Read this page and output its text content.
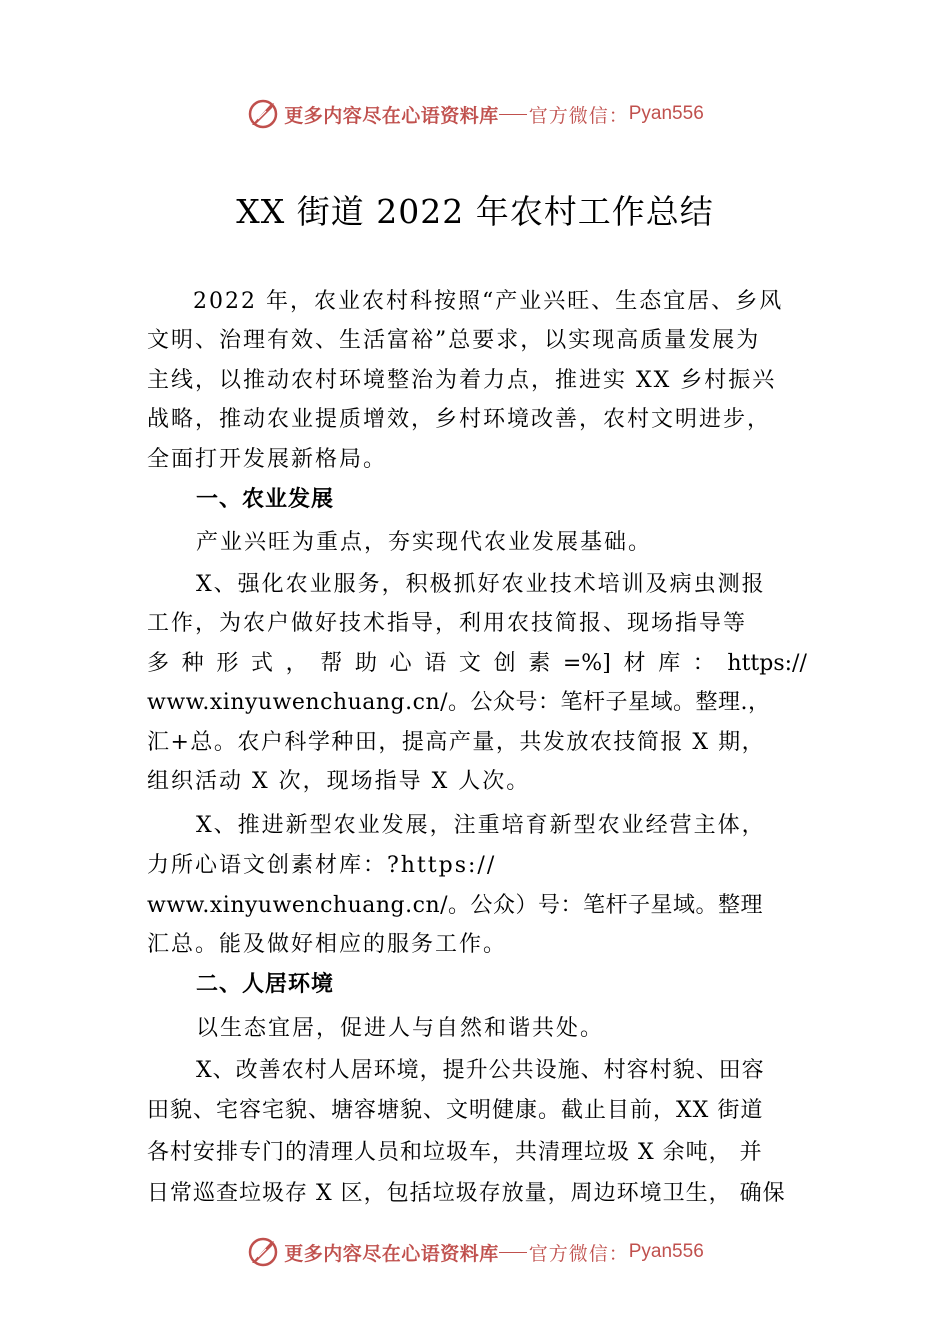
更多内容尽在心语资料库 官方微信： Pyan556
XX 街道 2022 年农村工作总结
2022 年，农业农村科按照“产业兴旺、生态宜居、乡风
文明、治理有效、生活富裕”总要求，以实现高质量发展为
主线，以推动农村环境整治为着力点，推进实 XX 乡村振兴
战略，推动农业提质增效，乡村环境改善，农村文明进步，
全面打开发展新格局。
一、农业发展
产业兴旺为重点，夯实现代农业发展基础。
X、强化农业服务，积极抓好农业技术培训及病虫测报
工作，为农户做好技术指导，利用农技简报、现场指导等
多 种 形 式 ， 帮 助 心 语 文 创 素 =%] 材 库 ： https://
www.xinyuwenchuang.cn/。公众号：笔杆子星域。整理.，
汇+总。农户科学种田，提高产量，共发放农技简报 X 期，
组织活动 X 次，现场指导 X 人次。
X、推进新型农业发展，注重培育新型农业经营主体，
力所心语文创素材库：?https://
www.xinyuwenchuang.cn/。公众）号：笔杆子星域。整理
汇总。能及做好相应的服务工作。
二、人居环境
以生态宜居，促进人与自然和谐共处。
X、改善农村人居环境，提升公共设施、村容村貌、田容
田貌、宅容宅貌、塘容塘貌、文明健康。截止目前，XX 街道
各村安排专门的清理人员和垃圾车，共清理垃圾 X 余吨， 并
日常巡查垃圾存 X 区，包括垃圾存放量，周边环境卫生， 确保
更多内容尽在心语资料库 官方微信： Pyan556
